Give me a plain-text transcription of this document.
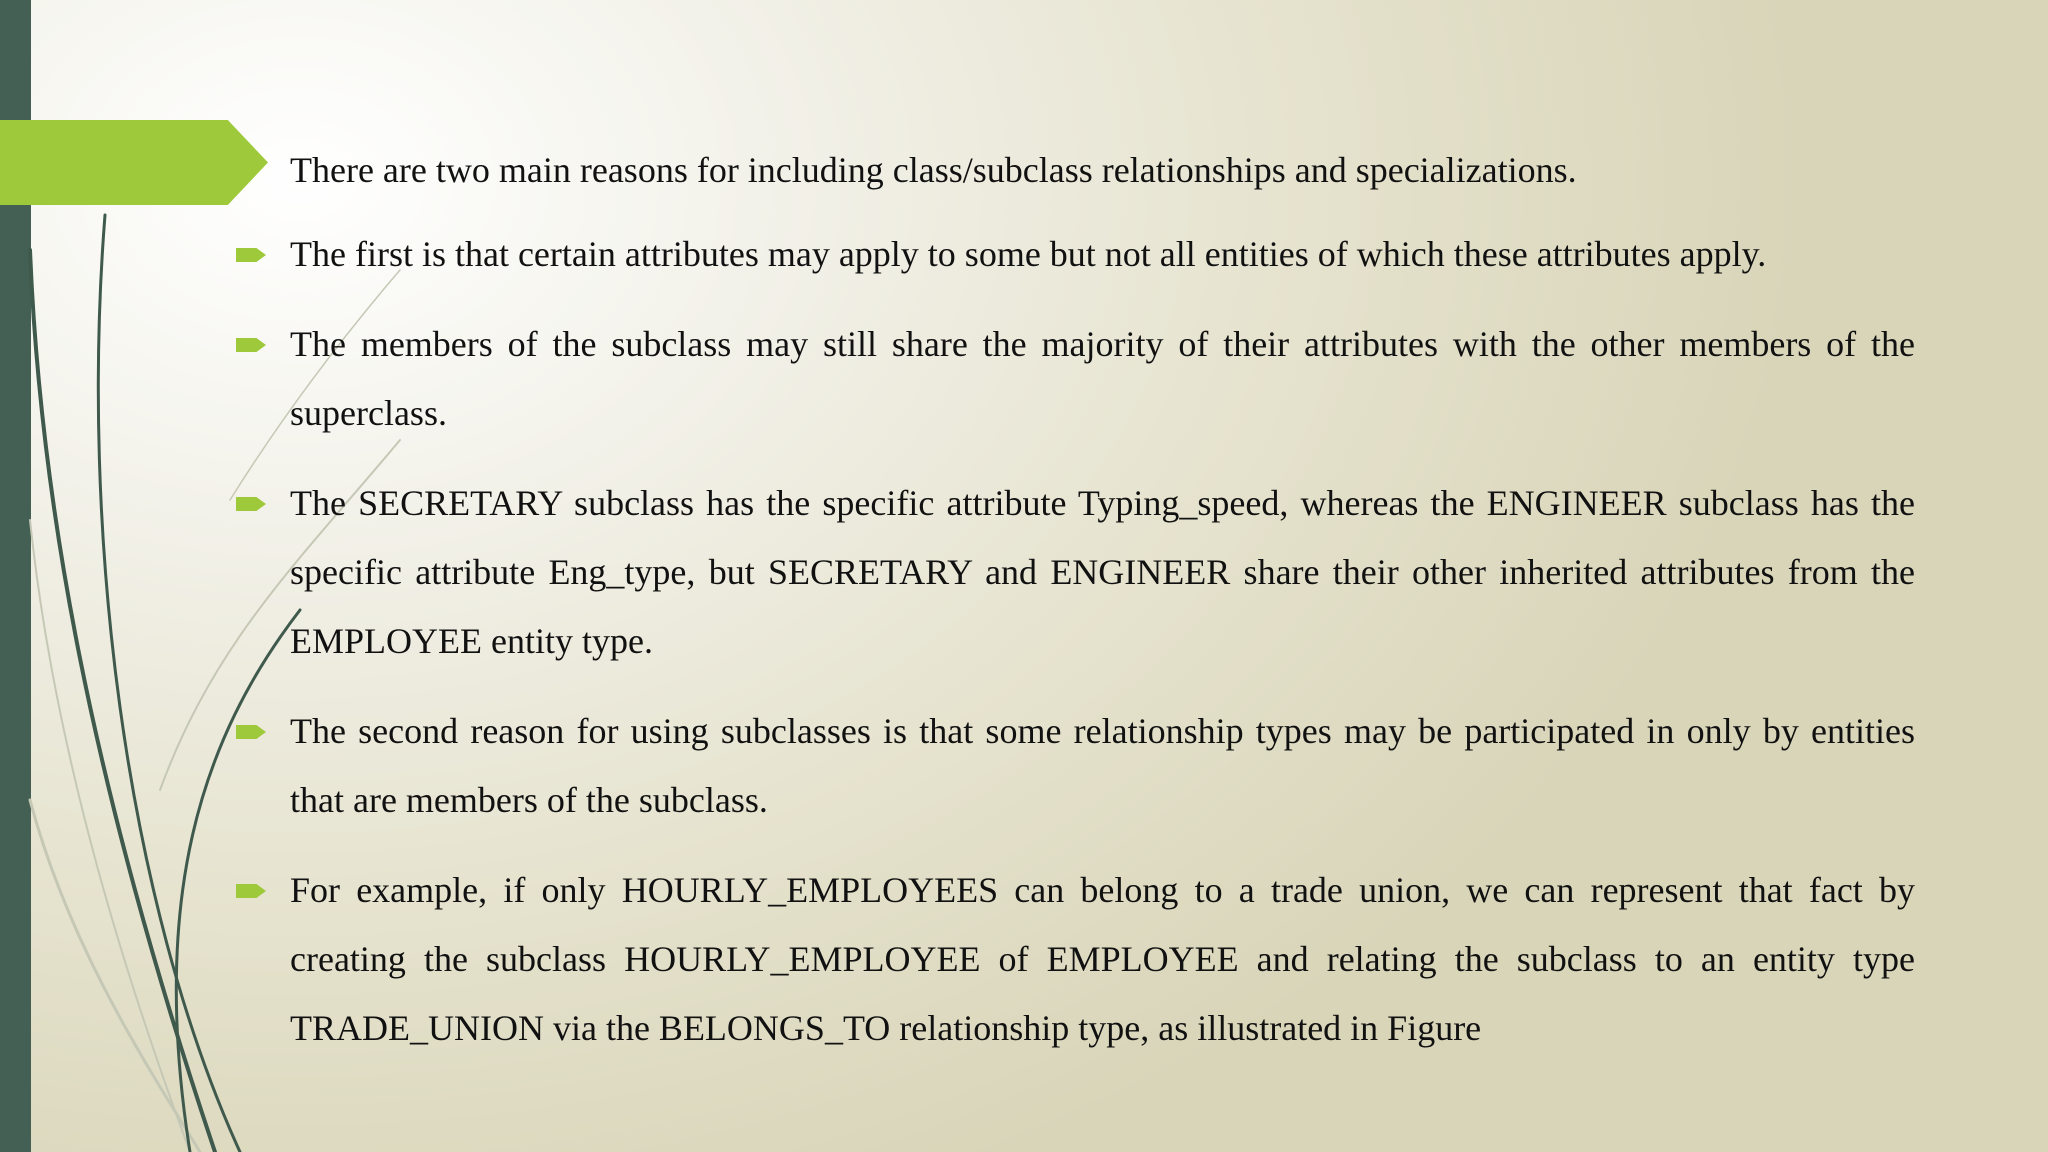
There are two main reasons for including class/subclass relationships and specializations.

The first is that certain attributes may apply to some but not all entities of which these attributes apply.
The members of the subclass may still share the majority of their attributes with the other members of the superclass.
The SECRETARY subclass has the specific attribute Typing_speed, whereas the ENGINEER subclass has the specific attribute Eng_type, but SECRETARY and ENGINEER share their other inherited attributes from the EMPLOYEE entity type.
The second reason for using subclasses is that some relationship types may be participated in only by entities that are members of the subclass.
For example, if only HOURLY_EMPLOYEES can belong to a trade union, we can represent that fact by creating the subclass HOURLY_EMPLOYEE of EMPLOYEE and relating the subclass to an entity type TRADE_UNION via the BELONGS_TO relationship type, as illustrated in Figure
